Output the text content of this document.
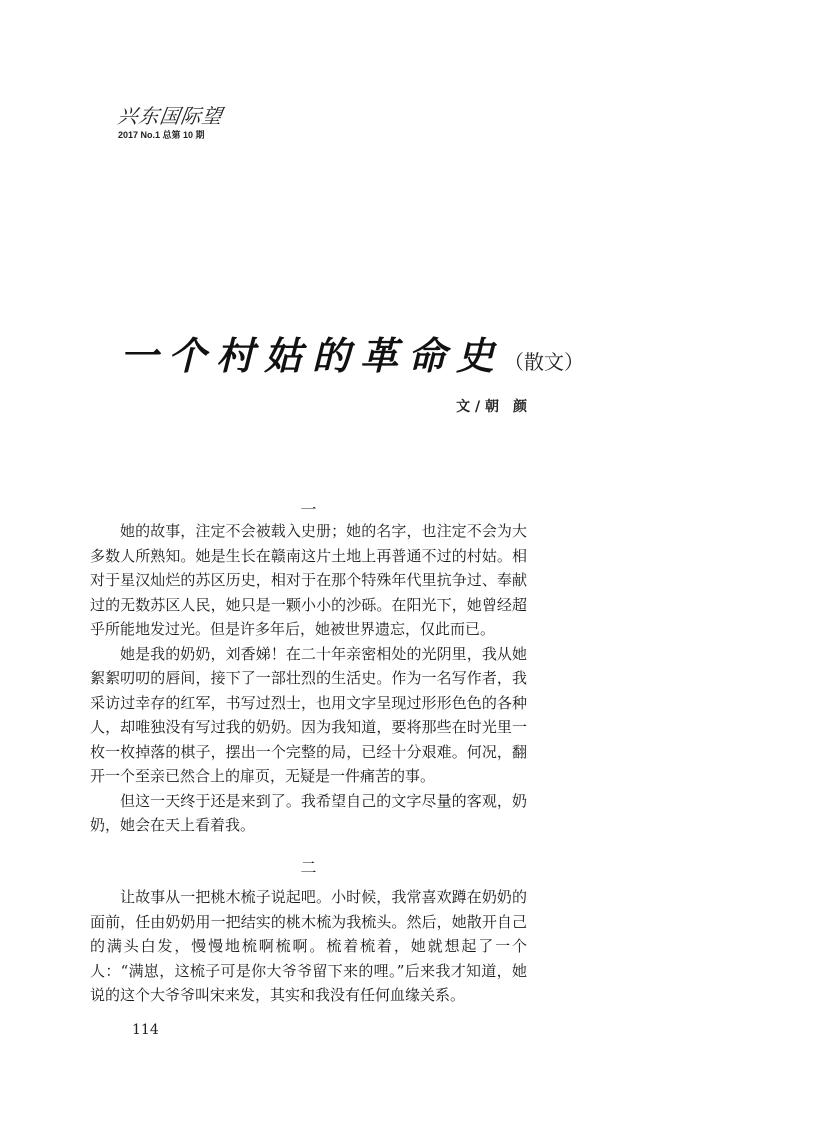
兴东国际望
2017 No.1 总第 10 期
一个村姑的革命史 （散文）
文 / 朝　颜
一

她的故事，注定不会被载入史册；她的名字，也注定不会为大多数人所熟知。她是生长在赣南这片土地上再普通不过的村姑。相对于星汉灿烂的苏区历史，相对于在那个特殊年代里抗争过、奉献过的无数苏区人民，她只是一颗小小的沙砾。在阳光下，她曾经超乎所能地发过光。但是许多年后，她被世界遗忘，仅此而已。

她是我的奶奶，刘香娣！在二十年亲密相处的光阴里，我从她絮絮叨叨的唇间，接下了一部壮烈的生活史。作为一名写作者，我采访过幸存的红军，书写过烈士，也用文字呈现过形形色色的各种人，却唯独没有写过我的奶奶。因为我知道，要将那些在时光里一枚一枚掉落的棋子，摆出一个完整的局，已经十分艰难。何况，翻开一个至亲已然合上的扉页，无疑是一件痛苦的事。

但这一天终于还是来到了。我希望自己的文字尽量的客观，奶奶，她会在天上看着我。

二

让故事从一把桃木梳子说起吧。小时候，我常喜欢蹲在奶奶的面前，任由奶奶用一把结实的桃木梳为我梳头。然后，她散开自己的满头白发，慢慢地梳啊梳啊。梳着梳着，她就想起了一个人：“满崽，这梳子可是你大爷爷留下来的哩。”后来我才知道，她说的这个大爷爷叫宋来发，其实和我没有任何血缘关系。

114
